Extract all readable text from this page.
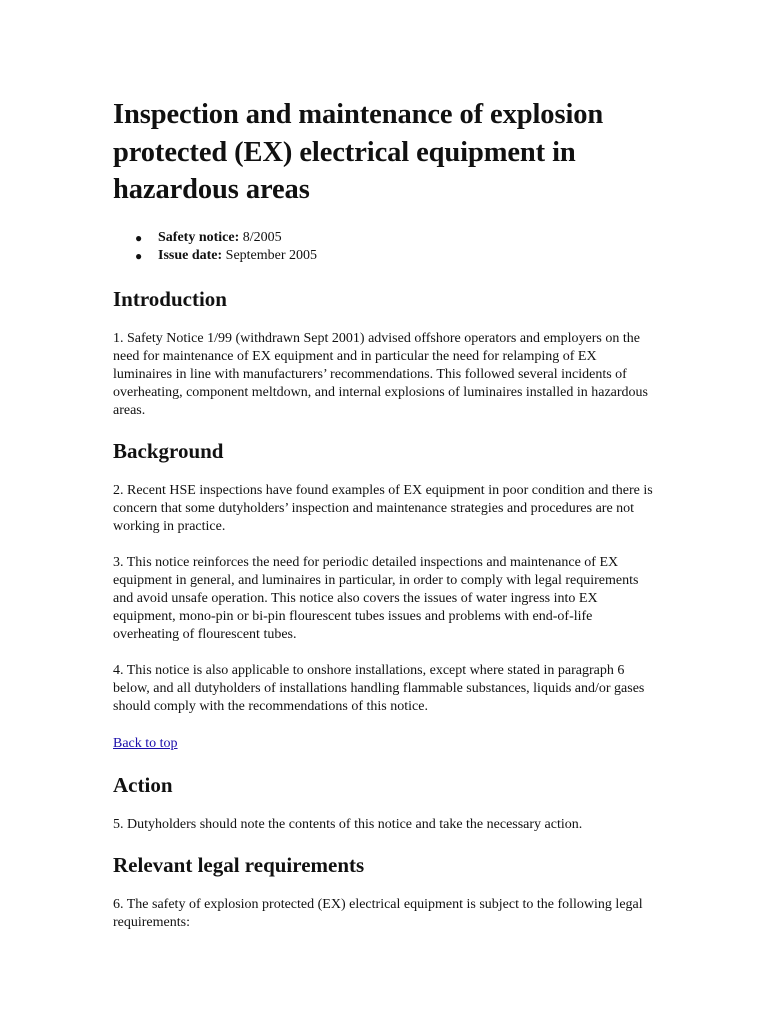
Inspection and maintenance of explosion protected (EX) electrical equipment in hazardous areas
● Safety notice: 8/2005
● Issue date: September 2005
Introduction

1. Safety Notice 1/99 (withdrawn Sept 2001) advised offshore operators and employers on the need for maintenance of EX equipment and in particular the need for relamping of EX luminaires in line with manufacturers’ recommendations. This followed several incidents of overheating, component meltdown, and internal explosions of luminaires installed in hazardous areas.

Background

2. Recent HSE inspections have found examples of EX equipment in poor condition and there is concern that some dutyholders’ inspection and maintenance strategies and procedures are not working in practice.

3. This notice reinforces the need for periodic detailed inspections and maintenance of EX equipment in general, and luminaires in particular, in order to comply with legal requirements and avoid unsafe operation. This notice also covers the issues of water ingress into EX equipment, mono-pin or bi-pin flourescent tubes issues and problems with end-of-life overheating of flourescent tubes.

4. This notice is also applicable to onshore installations, except where stated in paragraph 6 below, and all dutyholders of installations handling flammable substances, liquids and/or gases should comply with the recommendations of this notice.

Back to top
Action

5. Dutyholders should note the contents of this notice and take the necessary action.

Relevant legal requirements

6. The safety of explosion protected (EX) electrical equipment is subject to the following legal requirements:
